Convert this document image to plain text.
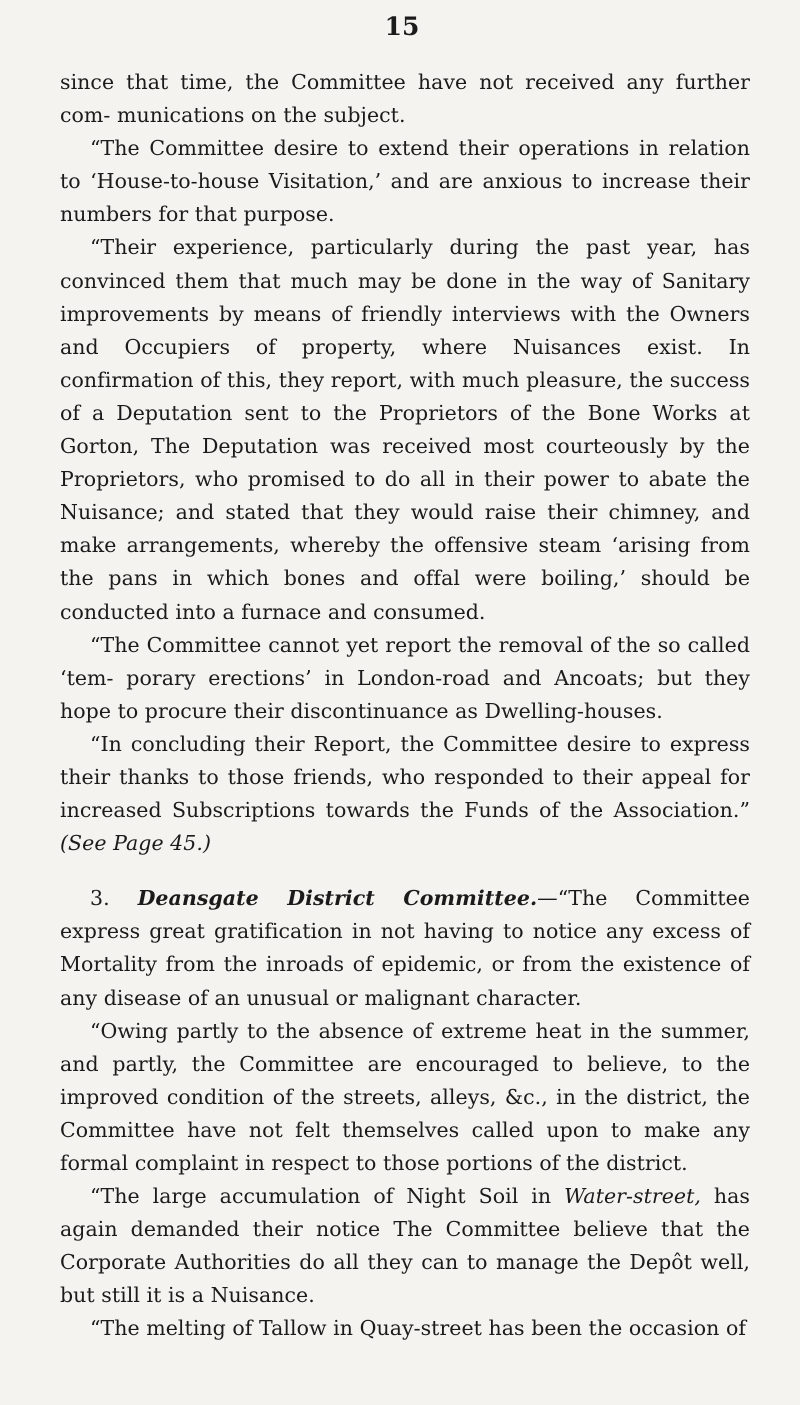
15

since that time, the Committee have not received any further com- munications on the subject.

“The Committee desire to extend their operations in relation to ‘House-to-house Visitation,’ and are anxious to increase their numbers for that purpose.

“Their experience, particularly during the past year, has convinced them that much may be done in the way of Sanitary improvements by means of friendly interviews with the Owners and Occupiers of property, where Nuisances exist. In confirmation of this, they report, with much pleasure, the success of a Deputation sent to the Proprietors of the Bone Works at Gorton, The Deputation was received most courteously by the Proprietors, who promised to do all in their power to abate the Nuisance; and stated that they would raise their chimney, and make arrangements, whereby the offensive steam ‘arising from the pans in which bones and offal were boiling,’ should be conducted into a furnace and consumed.

“The Committee cannot yet report the removal of the so called ‘tem- porary erections’ in London-road and Ancoats; but they hope to procure their discontinuance as Dwelling-houses.

“In concluding their Report, the Committee desire to express their thanks to those friends, who responded to their appeal for increased Subscriptions towards the Funds of the Association.” (See Page 45.)

3. Deansgate District Committee.—“The Committee express great gratification in not having to notice any excess of Mortality from the inroads of epidemic, or from the existence of any disease of an unusual or malignant character.

“Owing partly to the absence of extreme heat in the summer, and partly, the Committee are encouraged to believe, to the improved condition of the streets, alleys, &c., in the district, the Committee have not felt themselves called upon to make any formal complaint in respect to those portions of the district.

“The large accumulation of Night Soil in Water-street, has again demanded their notice The Committee believe that the Corporate Authorities do all they can to manage the Depôt well, but still it is a Nuisance.

“The melting of Tallow in Quay-street has been the occasion of
